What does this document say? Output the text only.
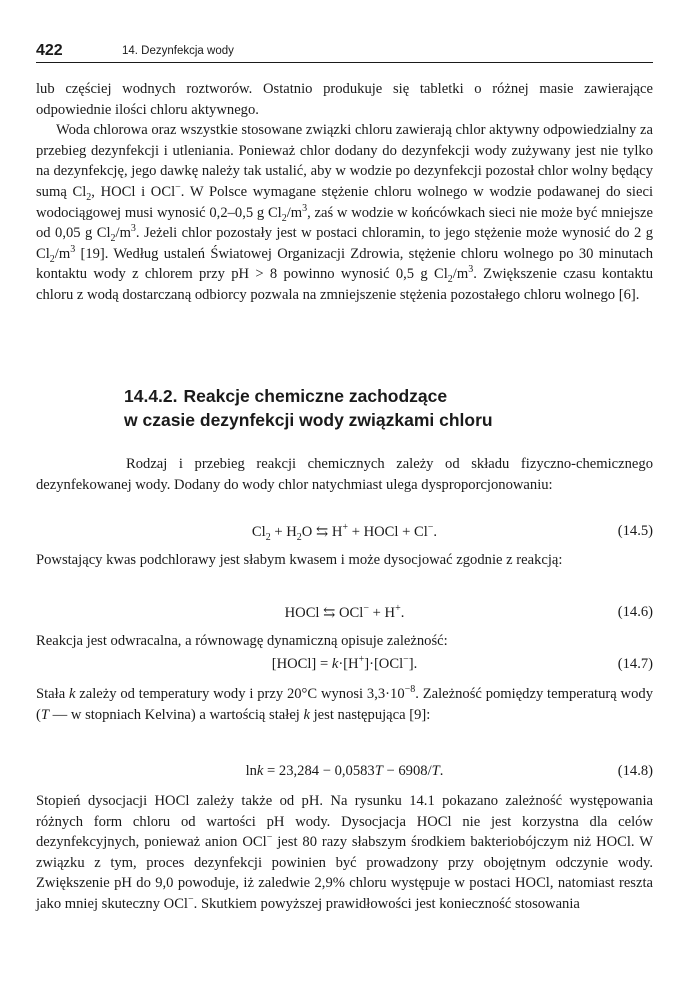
422	14. Dezynfekcja wody

lub częściej wodnych roztworów. Ostatnio produkuje się tabletki o różnej masie zawierające odpowiednie ilości chloru aktywnego.

Woda chlorowa oraz wszystkie stosowane związki chloru zawierają chlor aktywny odpowiedzialny za przebieg dezynfekcji i utleniania. Ponieważ chlor dodany do dezynfekcji wody zużywany jest nie tylko na dezynfekcję, jego dawkę należy tak ustalić, aby w wodzie po dezynfekcji pozostał chlor wolny będący sumą $Cl_2$, HOCl i OCl−. W Polsce wymagane stężenie chloru wolnego w wodzie podawanej do sieci wodociągowej musi wynosić 0,2–0,5 g $Cl_2/m^3$, zaś w wodzie w końcówkach sieci nie może być mniejsze od 0,05 g $Cl_2/m^3$. Jeżeli chlor pozostały jest w postaci chloramin, to jego stężenie może wynosić do 2 g $Cl_2/m^3$ [19]. Według ustaleń Światowej Organizacji Zdrowia, stężenie chloru wolnego po 30 minutach kontaktu wody z chlorem przy pH > 8 powinno wynosić 0,5 g $Cl_2/m^3$. Zwiększenie czasu kontaktu chloru z wodą dostarczaną odbiorcy pozwala na zmniejszenie stężenia pozostałego chloru wolnego [6].

14.4.2. Reakcje chemiczne zachodzące
w czasie dezynfekcji wody związkami chloru

Rodzaj i przebieg reakcji chemicznych zależy od składu fizyczno-chemicznego dezynfekowanej wody. Dodany do wody chlor natychmiast ulega dysproporcjonowaniu:

$Cl_2 + H_2O$ ⇆ H+ + HOCl + Cl−.	(14.5)

Powstający kwas podchlorawy jest słabym kwasem i może dysocjować zgodnie z reakcją:

HOCl ⇆ OCl− + H+.	(14.6)

Reakcja jest odwracalna, a równowagę dynamiczną opisuje zależność:

[HOCl] = k·[H+]·[OCl−].	(14.7)

Stała k zależy od temperatury wody i przy 20°C wynosi $3,3\cdot 10^{-8}$. Zależność pomiędzy temperaturą wody (T — w stopniach Kelvina) a wartością stałej k jest następująca [9]:

lnk = 23,284 − 0,0583T − 6908/T.	(14.8)

Stopień dysocjacji HOCl zależy także od pH. Na rysunku 14.1 pokazano zależność występowania różnych form chloru od wartości pH wody. Dysocjacja HOCl nie jest korzystna dla celów dezynfekcyjnych, ponieważ anion OCl− jest 80 razy słabszym środkiem bakteriobójczym niż HOCl. W związku z tym, proces dezynfekcji powinien być prowadzony przy obojętnym odczynie wody. Zwiększenie pH do 9,0 powoduje, iż zaledwie 2,9% chloru występuje w postaci HOCl, natomiast reszta jako mniej skuteczny OCl−. Skutkiem powyższej prawidłowości jest konieczność stosowania
